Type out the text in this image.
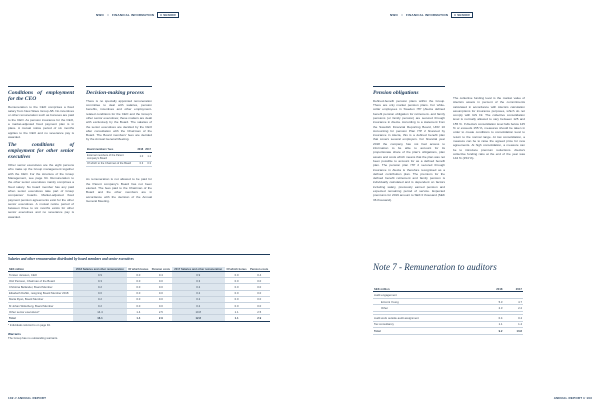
NWO // FINANCIAL INFORMATION	// SENIOR
Conditions of employment for the CEO

Remuneration to the CEO comprises a fixed salary from New Wave Group AB. No incentives or other remuneration such as bonuses are paid to the CEO. As pension insurance for the CEO, a market-adjusted fixed payment plan is in place. A mutual notice period of six months applies to the CEO and no severance pay is awarded.

The conditions of employment for other senior executives

Other senior executives are the eight persons who make up the Group management together with the CEO. For the structure of the Group Management, see page 94. Remuneration to the other senior executives mainly comprises a fixed salary. No board member has any paid when senior executives take part of Group companies' boards. Market-adjusted fixed payment pension agreements exist for the other senior executives. A mutual notice period of between three to six months exists for other senior executives and no severance pay is awarded.

Decision-making process

There is no specially appointed remuneration committee to deal with salaries, pension benefits, incentives and other employment-related conditions for the CEO and the Group's other senior executives; these matters are dealt with exclusively by the Board. The salaries of the senior executives are decided by the CEO after consultation with the Chairman of the Board. The Board members' fees are decided by the Annual General Meeting.

Board members' fees	2018	2017
External members of the Parent company's Board	1.0	1.1
Of which to the Chairman of the Board	0.3	0.3

As remuneration is not allowed to be paid for the Parent company's Board has not been elected. The fees paid to the Chairman of the Board and the other members are in accordance with the decision of the Annual General Meeting.

Salaries and other remuneration distributed by board members and senior executives
SEK million	2018 Salaries and other remuneration	Of which bonus	Pension costs	2017 Salaries and other remuneration	Of which bonus	Pension costs
Torsten Jansson, CEO	0.9	0.0	0.4	0.9	0.0	0.4
Olof Persson, Chairman of the Board	0.3	0.0	0.0	0.3	0.0	0.0
Christina Bellander, Board Member	0.2	0.0	0.0	0.2	0.0	0.0
Elisabeth Dahlin, resigning Board Member 2018	0.0	0.0	0.0	0.2	0.0	0.0
Maria Ryan, Board Member	0.2	0.0	0.0	0.2	0.0	0.0
M Johan Widerberg, Board Member	0.2	0.0	0.0	0.2	0.0	0.0
Other senior executives*	14.4	1.4	2.5	10.8	1.1	2.5
Total	16.1	1.4	2.9	12.8	1.1	2.9
* Individuals referred to on page 94.
Warrants
The Group has no outstanding warrants.
102 // ANNUAL REPORT
NWO // FINANCIAL INFORMATION	// SENIOR
Pension obligations

Defined-benefit pension plans within the Group. There are only market pension plans. For white-collar employees in Sweden ITP (Alecta defined benefit pension obligation for retirement- and family pensions (or family pension) are secured through insurance in Alecta. According to a statement from the Swedish Financial Reporting Board, UFR 10 Accounting for pension Plan ITP 2 financed by insurance in Alecta, this is a defined benefit plan that covers several employers. For financial year 2018 the company has not had access to information to be able to account for its proportionate share of the plan's obligations, plan assets and costs which means that the plan was not been possible to account for as a defined benefit plan. The pension plan ITP 2 secured through insurance in Alecta is therefore recognised as a defined contribution plan. The premium for the defined benefit retirement and family pension is individually calculated and is dependent on factors including salary, previously earned pension and expected remaining period of service. Expected premiums for 2019 amount to SEK 0 thousand (SEK 36 thousand).

The collective funding level is the market value of Alecta's assets in percent of the commitments calculated in accordance with Alecta's calculation assumptions for insurance purposes, which do not comply with IAS 19. The collective consolidation level is normally allowed to vary between 125 and 155 %. If Alecta's consolidation level falls below 125 % or exceeds 155 %, measures should be taken in order to create conditions to consolidation level to return to the normal range. At low consolidation, a measure can be to raise the agreed price for new agreements. At high consolidation, a measure can be to introduce premium reductions. Alecta's collective funding ratio at the end of the year was 142 % (154 %).

Note 7 - Remuneration to auditors
SEK million	2018	2017
Audit engagement		
Ernst & Young	5.3	4.7
Other	2.3	2.2

Audit work outside audit assignment	0.4	0.4
Tax consultancy	1.1	1.4
Total	9.2	10.8
ANNUAL REPORT // 103
